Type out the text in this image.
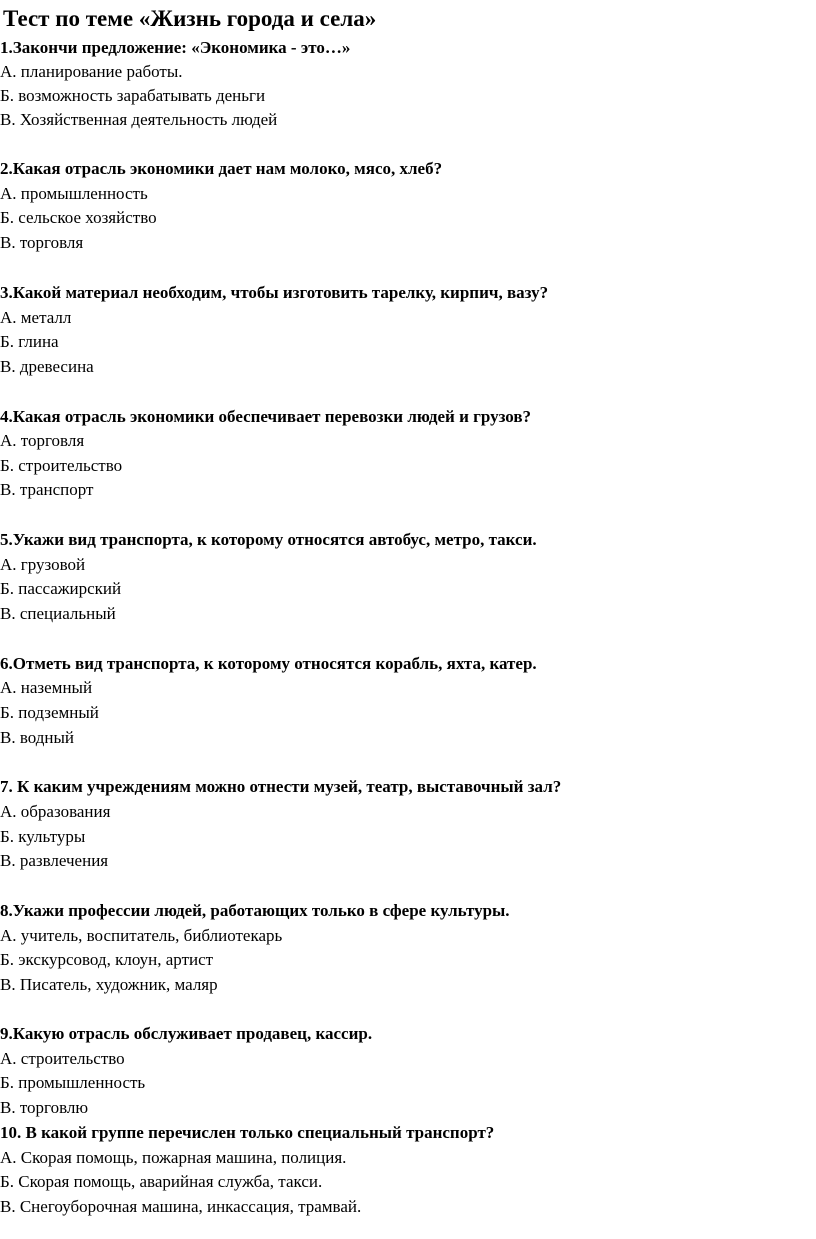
Тест по теме «Жизнь города и села»
1.Закончи предложение: «Экономика - это…»
А. планирование работы.
Б. возможность зарабатывать деньги
В. Хозяйственная деятельность людей
2.Какая отрасль экономики дает нам молоко, мясо, хлеб?
А. промышленность
Б. сельское хозяйство
В. торговля
3.Какой материал необходим, чтобы изготовить тарелку, кирпич, вазу?
А. металл
Б. глина
В. древесина
4.Какая отрасль экономики обеспечивает перевозки людей и грузов?
А. торговля
Б. строительство
В. транспорт
5.Укажи вид транспорта, к которому относятся автобус, метро, такси.
А. грузовой
Б. пассажирский
В. специальный
6.Отметь вид транспорта, к которому относятся корабль, яхта, катер.
А. наземный
Б. подземный
В. водный
7. К каким учреждениям можно отнести музей, театр, выставочный зал?
А. образования
Б. культуры
В. развлечения
8.Укажи профессии людей, работающих только в сфере культуры.
А. учитель, воспитатель, библиотекарь
Б. экскурсовод, клоун, артист
В. Писатель, художник, маляр
9.Какую отрасль обслуживает продавец, кассир.
А. строительство
Б. промышленность
В. торговлю
10. В какой группе перечислен только специальный транспорт?
А. Скорая помощь, пожарная машина, полиция.
Б. Скорая помощь, аварийная служба, такси.
В. Снегоуборочная машина, инкассация, трамвай.
